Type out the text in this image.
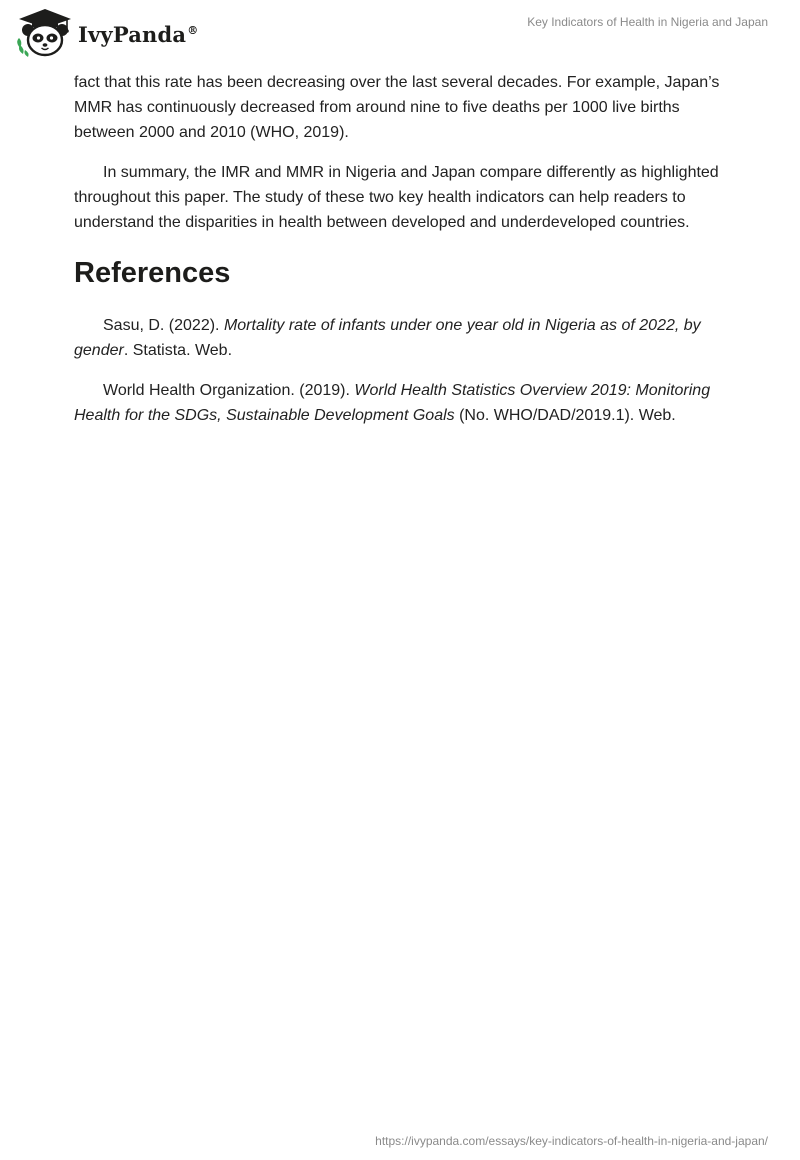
IvyPanda®
Key Indicators of Health in Nigeria and Japan

fact that this rate has been decreasing over the last several decades. For example, Japan’s MMR has continuously decreased from around nine to five deaths per 1000 live births between 2000 and 2010 (WHO, 2019).

In summary, the IMR and MMR in Nigeria and Japan compare differently as highlighted throughout this paper. The study of these two key health indicators can help readers to understand the disparities in health between developed and underdeveloped countries.

References

Sasu, D. (2022). Mortality rate of infants under one year old in Nigeria as of 2022, by gender. Statista. Web.

World Health Organization. (2019). World Health Statistics Overview 2019: Monitoring Health for the SDGs, Sustainable Development Goals (No. WHO/DAD/2019.1). Web.

https://ivypanda.com/essays/key-indicators-of-health-in-nigeria-and-japan/
